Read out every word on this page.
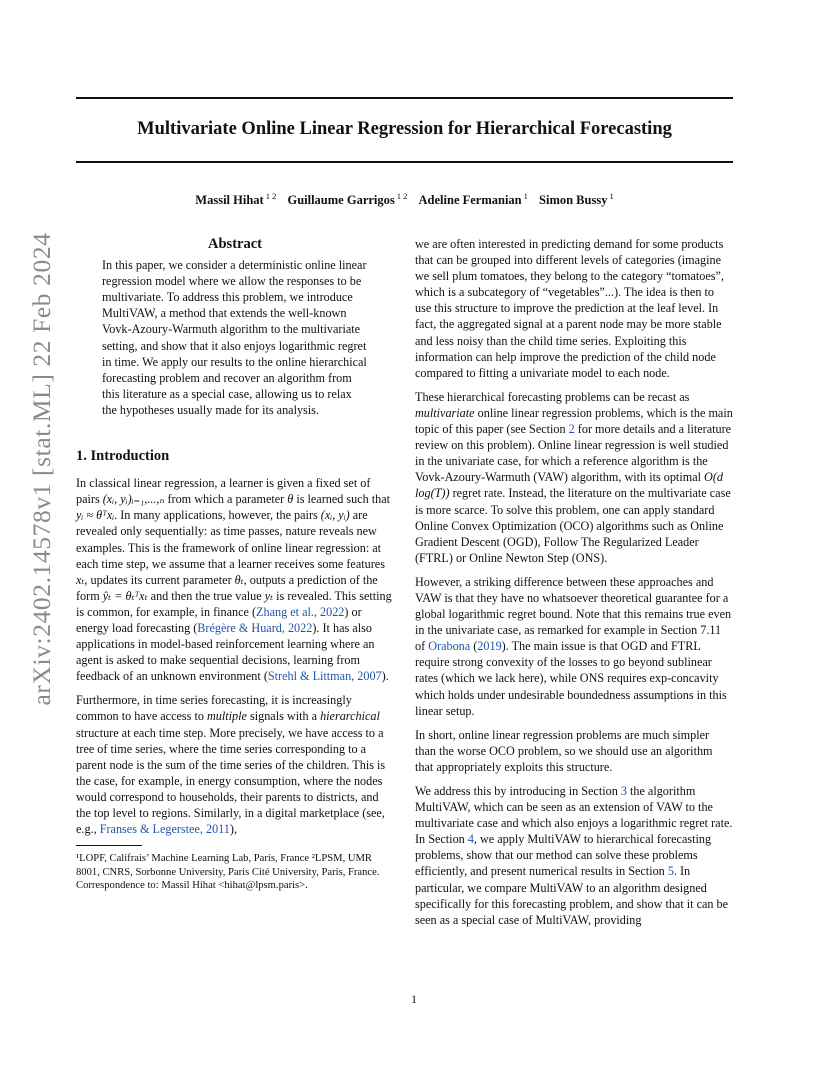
Multivariate Online Linear Regression for Hierarchical Forecasting
Massil Hihat $^{1 2}$ Guillaume Garrigos $^{1 2}$ Adeline Fermanian $^1$ Simon Bussy $^1$
arXiv:2402.14578v1 [stat.ML] 22 Feb 2024	Abstract
In this paper, we consider a deterministic online linear regression model where we allow the responses to be multivariate. To address this problem, we introduce MultiVAW, a method that extends the well-known Vovk-Azoury-Warmuth algorithm to the multivariate setting, and show that it also enjoys logarithmic regret in time. We apply our results to the online hierarchical forecasting problem and recover an algorithm from this literature as a special case, allowing us to relax the hypotheses usually made for its analysis.
1. Introduction

In classical linear regression, a learner is given a fixed set of pairs (xᵢ, yᵢ)ᵢ₌₁,...,ₙ from which a parameter θ is learned such that yᵢ ≈ θᵀxᵢ. In many applications, however, the pairs (xᵢ, yᵢ) are revealed only sequentially: as time passes, nature reveals new examples. This is the framework of online linear regression: at each time step, we assume that a learner receives some features xₜ, updates its current parameter θₜ, outputs a prediction of the form ŷₜ = θₜᵀxₜ and then the true value yₜ is revealed. This setting is common, for example, in finance (Zhang et al., 2022) or energy load forecasting (Brégère & Huard, 2022). It has also applications in model-based reinforcement learning where an agent is asked to make sequential decisions, learning from feedback of an unknown environment (Strehl & Littman, 2007).

Furthermore, in time series forecasting, it is increasingly common to have access to multiple signals with a hierarchical structure at each time step. More precisely, we have access to a tree of time series, where the time series corresponding to a parent node is the sum of the time series of the children. This is the case, for example, in energy consumption, where the nodes would correspond to households, their parents to districts, and the top level to regions. Similarly, in a digital marketplace (see, e.g., Franses & Legerstee, 2011),

¹LOPF, Califrais’ Machine Learning Lab, Paris, France ²LPSM, UMR 8001, CNRS, Sorbonne University, Paris Cité University, Paris, France. Correspondence to: Massil Hihat <hihat@lpsm.paris>.

we are often interested in predicting demand for some products that can be grouped into different levels of categories (imagine we sell plum tomatoes, they belong to the category “tomatoes”, which is a subcategory of “vegetables”...). The idea is then to use this structure to improve the prediction at the leaf level. In fact, the aggregated signal at a parent node may be more stable and less noisy than the child time series. Exploiting this information can help improve the prediction of the child node compared to fitting a univariate model to each node.

These hierarchical forecasting problems can be recast as multivariate online linear regression problems, which is the main topic of this paper (see Section 2 for more details and a literature review on this problem). Online linear regression is well studied in the univariate case, for which a reference algorithm is the Vovk-Azoury-Warmuth (VAW) algorithm, with its optimal O(d log(T)) regret rate. Instead, the literature on the multivariate case is more scarce. To solve this problem, one can apply standard Online Convex Optimization (OCO) algorithms such as Online Gradient Descent (OGD), Follow The Regularized Leader (FTRL) or Online Newton Step (ONS).

However, a striking difference between these approaches and VAW is that they have no whatsoever theoretical guarantee for a global logarithmic regret bound. Note that this remains true even in the univariate case, as remarked for example in Section 7.11 of Orabona (2019). The main issue is that OGD and FTRL require strong convexity of the losses to go beyond sublinear rates (which we lack here), while ONS requires exp-concavity which holds under undesirable boundedness assumptions in this linear setup.

In short, online linear regression problems are much simpler than the worse OCO problem, so we should use an algorithm that appropriately exploits this structure.

We address this by introducing in Section 3 the algorithm MultiVAW, which can be seen as an extension of VAW to the multivariate case and which also enjoys a logarithmic regret rate. In Section 4, we apply MultiVAW to hierarchical forecasting problems, show that our method can solve these problems efficiently, and present numerical results in Section 5. In particular, we compare MultiVAW to an algorithm designed specifically for this forecasting problem, and show that it can be seen as a special case of MultiVAW, providing

1
